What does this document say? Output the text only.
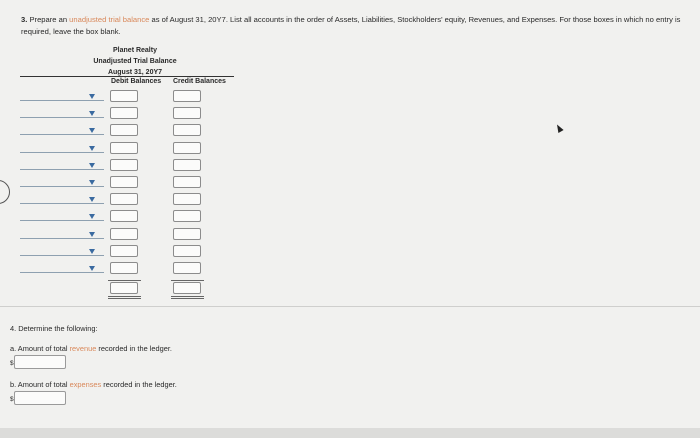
3. Prepare an unadjusted trial balance as of August 31, 20Y7. List all accounts in the order of Assets, Liabilities, Stockholders' equity, Revenues, and Expenses. For those boxes in which no entry is required, leave the box blank.
Planet Realty
Unadjusted Trial Balance
August 31, 20Y7
Debit Balances Credit Balances
4. Determine the following:
a. Amount of total revenue recorded in the ledger.
$
b. Amount of total expenses recorded in the ledger.
$
